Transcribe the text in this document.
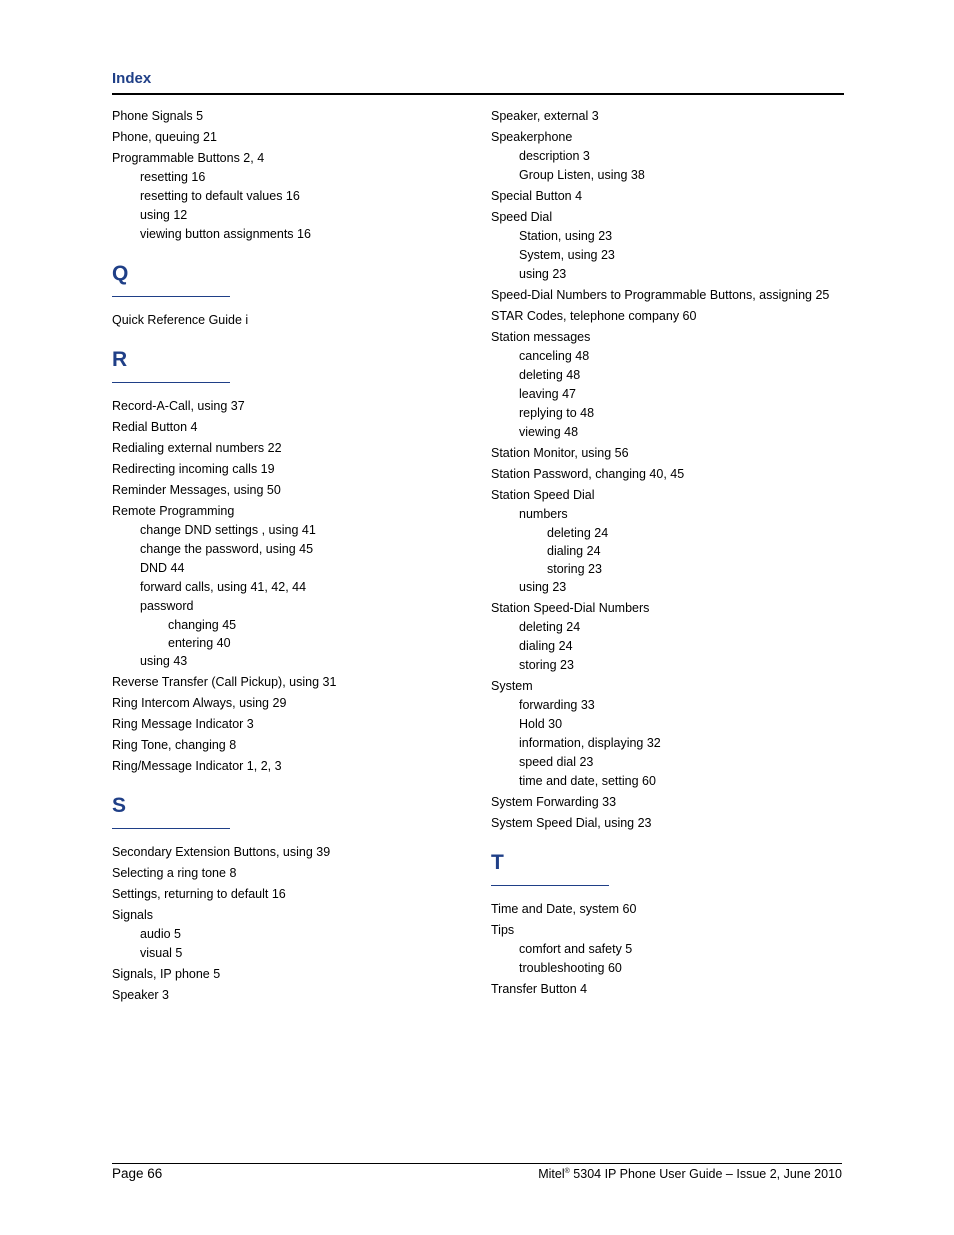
Index
Phone Signals 5
Phone, queuing 21
Programmable Buttons 2, 4
resetting 16
resetting to default values 16
using 12
viewing button assignments 16
Q
Quick Reference Guide i
R
Record-A-Call, using 37
Redial Button 4
Redialing external numbers 22
Redirecting incoming calls 19
Reminder Messages, using 50
Remote Programming
change DND settings , using 41
change the password, using 45
DND 44
forward calls, using 41, 42, 44
password
changing 45
entering 40
using 43
Reverse Transfer (Call Pickup), using 31
Ring Intercom Always, using 29
Ring Message Indicator 3
Ring Tone, changing 8
Ring/Message Indicator 1, 2, 3
S
Secondary Extension Buttons, using 39
Selecting a ring tone 8
Settings, returning to default 16
Signals
audio 5
visual 5
Signals, IP phone 5
Speaker 3
Speaker, external 3
Speakerphone
description 3
Group Listen, using 38
Special Button 4
Speed Dial
Station, using 23
System, using 23
using 23
Speed-Dial Numbers to Programmable Buttons, assigning 25
STAR Codes, telephone company 60
Station messages
canceling 48
deleting 48
leaving 47
replying to 48
viewing 48
Station Monitor, using 56
Station Password, changing 40, 45
Station Speed Dial
numbers
deleting 24
dialing 24
storing 23
using 23
Station Speed-Dial Numbers
deleting 24
dialing 24
storing 23
System
forwarding 33
Hold 30
information, displaying 32
speed dial 23
time and date, setting 60
System Forwarding 33
System Speed Dial, using 23
T
Time and Date, system 60
Tips
comfort and safety 5
troubleshooting 60
Transfer Button 4
Page 66	Mitel® 5304 IP Phone User Guide – Issue 2, June 2010
